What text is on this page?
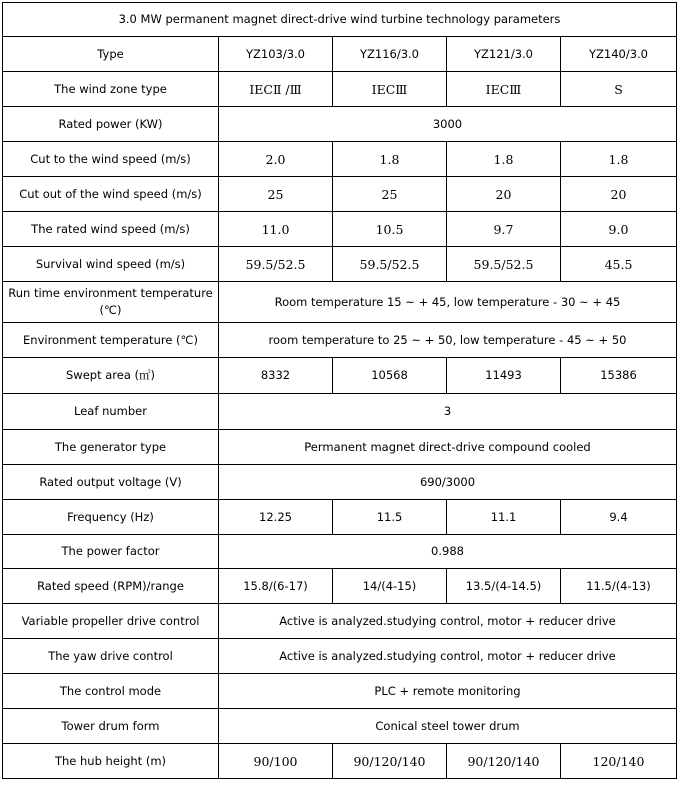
3.0 MW permanent magnet direct-drive wind turbine technology parameters				
Type	YZ103/3.0	YZ116/3.0	YZ121/3.0	YZ140/3.0
The wind zone type	IECⅡ /Ⅲ	IECⅢ	IECⅢ	S
Rated power (KW)	3000			
Cut to the wind speed (m/s)	2.0	1.8	1.8	1.8
Cut out of the wind speed (m/s)	25	25	20	20
The rated wind speed (m/s)	11.0	10.5	9.7	9.0
Survival wind speed (m/s)	59.5/52.5	59.5/52.5	59.5/52.5	45.5
Run time environment temperature (℃)	Room temperature 15 ~ + 45, low temperature - 30 ~ + 45			
Environment temperature (℃)	room temperature to 25 ~ + 50, low temperature - 45 ~ + 50			
Swept area (㎡)	8332	10568	11493	15386
Leaf number	3			
The generator type	Permanent magnet direct-drive compound cooled			
Rated output voltage (V)	690/3000			
Frequency (Hz)	12.25	11.5	11.1	9.4
The power factor	0.988			
Rated speed (RPM)/range	15.8/(6-17)	14/(4-15)	13.5/(4-14.5)	11.5/(4-13)
Variable propeller drive control	Active is analyzed.studying control, motor + reducer drive			
The yaw drive control	Active is analyzed.studying control, motor + reducer drive			
The control mode	PLC + remote monitoring			
Tower drum form	Conical steel tower drum			
The hub height (m)	90/100	90/120/140	90/120/140	120/140
